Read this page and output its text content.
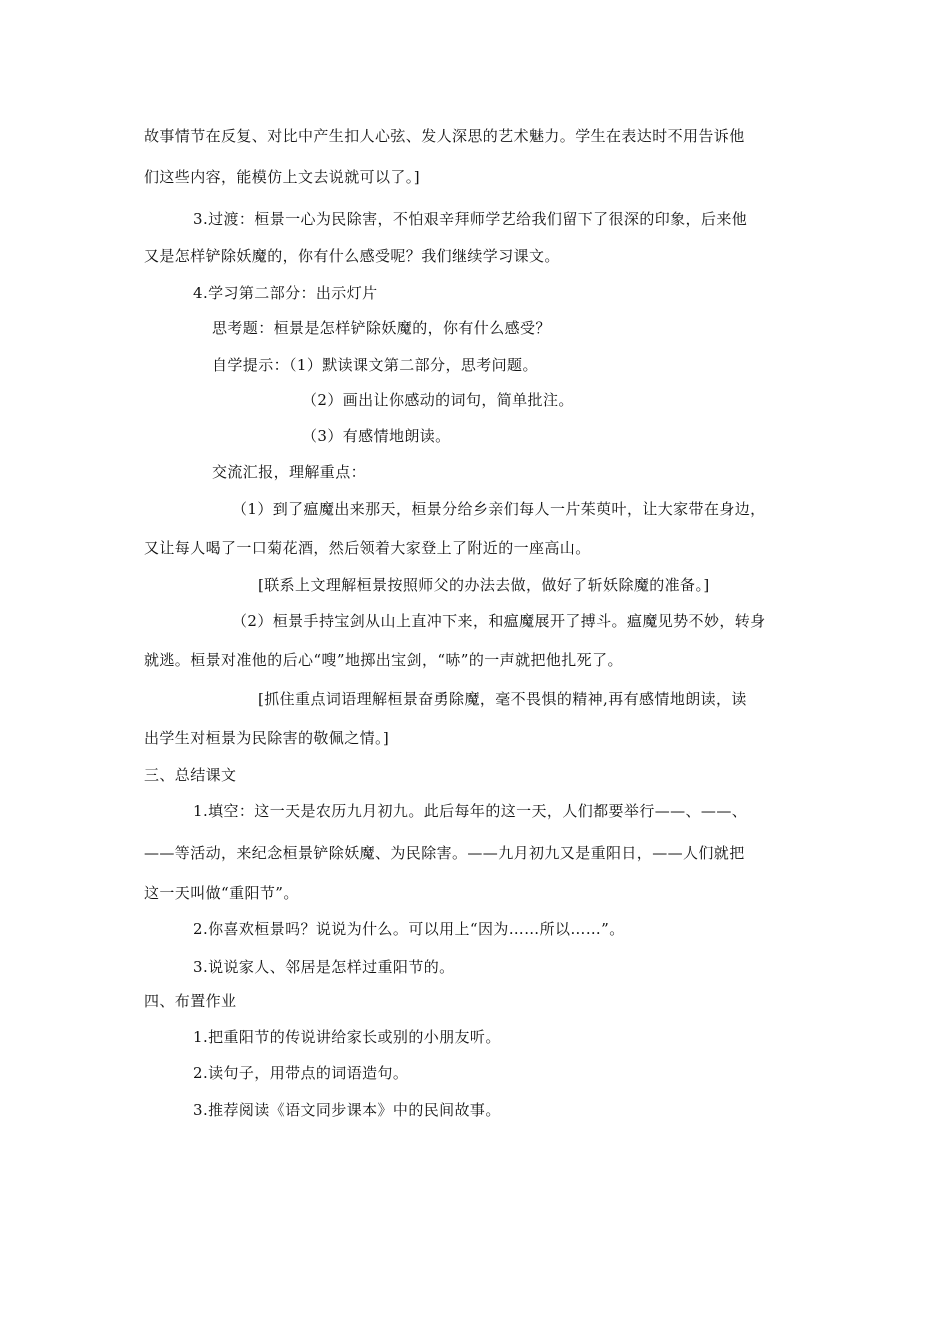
故事情节在反复、对比中产生扣人心弦、发人深思的艺术魅力。学生在表达时不用告诉他
们这些内容，能模仿上文去说就可以了。]
3.过渡：桓景一心为民除害，不怕艰辛拜师学艺给我们留下了很深的印象，后来他
又是怎样铲除妖魔的，你有什么感受呢？我们继续学习课文。
4.学习第二部分：出示灯片
思考题：桓景是怎样铲除妖魔的，你有什么感受？
自学提示：（1）默读课文第二部分，思考问题。
（2）画出让你感动的词句，简单批注。
（3）有感情地朗读。
交流汇报，理解重点：
（1）到了瘟魔出来那天，桓景分给乡亲们每人一片茱萸叶，让大家带在身边，
又让每人喝了一口菊花酒，然后领着大家登上了附近的一座高山。
[联系上文理解桓景按照师父的办法去做，做好了斩妖除魔的准备。]
（2）桓景手持宝剑从山上直冲下来，和瘟魔展开了搏斗。瘟魔见势不妙，转身
就逃。桓景对准他的后心“嗖”地掷出宝剑，“哧”的一声就把他扎死了。
[抓住重点词语理解桓景奋勇除魔，毫不畏惧的精神,再有感情地朗读，读
出学生对桓景为民除害的敬佩之情。]
三、总结课文
1.填空：这一天是农历九月初九。此后每年的这一天，人们都要举行——、——、
——等活动，来纪念桓景铲除妖魔、为民除害。——九月初九又是重阳日，——人们就把
这一天叫做“重阳节”。
2.你喜欢桓景吗？说说为什么。可以用上“因为……所以……”。
3.说说家人、邻居是怎样过重阳节的。
四、布置作业
1.把重阳节的传说讲给家长或别的小朋友听。
2.读句子，用带点的词语造句。
3.推荐阅读《语文同步课本》中的民间故事。
